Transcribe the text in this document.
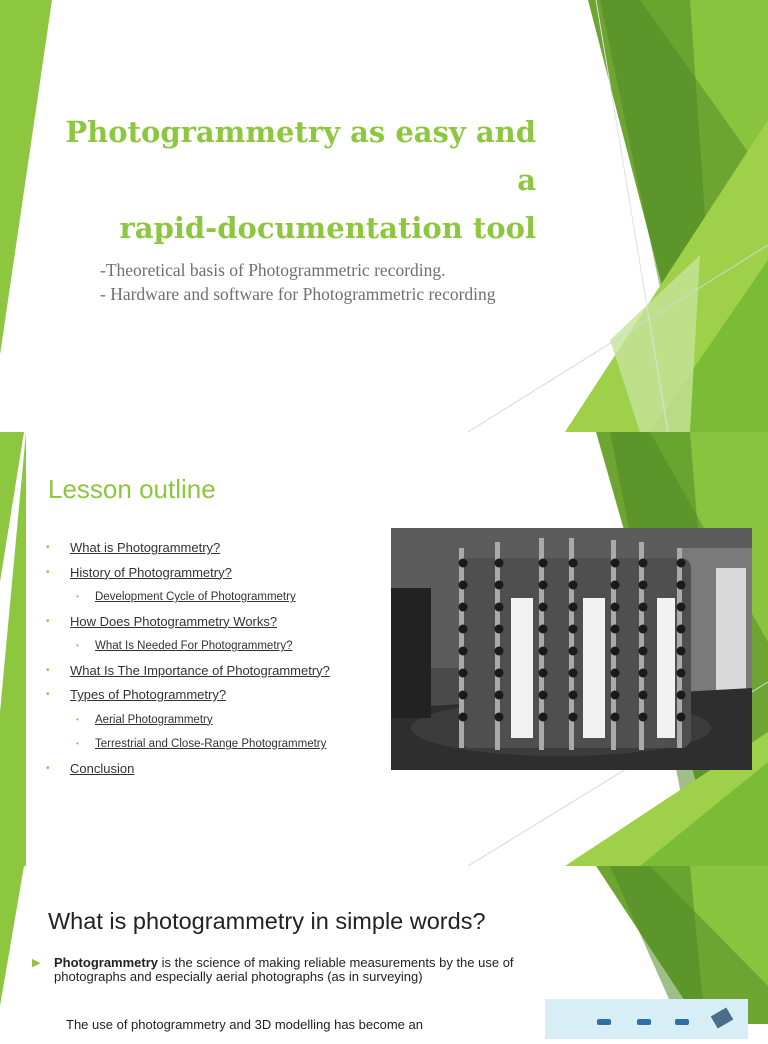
Photogrammetry as easy and a
rapid-documentation tool
-Theoretical basis of Photogrammetric recording.
- Hardware and software for Photogrammetric recording
Lesson outline
• What is Photogrammetry?
• History of Photogrammetry?
• Development Cycle of Photogrammetry
• How Does Photogrammetry Works?
• What Is Needed For Photogrammetry?
• What Is The Importance of Photogrammetry?
• Types of Photogrammetry?
• Aerial Photogrammetry
• Terrestrial and Close-Range Photogrammetry
• Conclusion
What is photogrammetry in simple words?
▶ Photogrammetry is the science of making reliable measurements by the use of photographs and especially aerial photographs (as in surveying)
The use of photogrammetry and 3D modelling has become an
